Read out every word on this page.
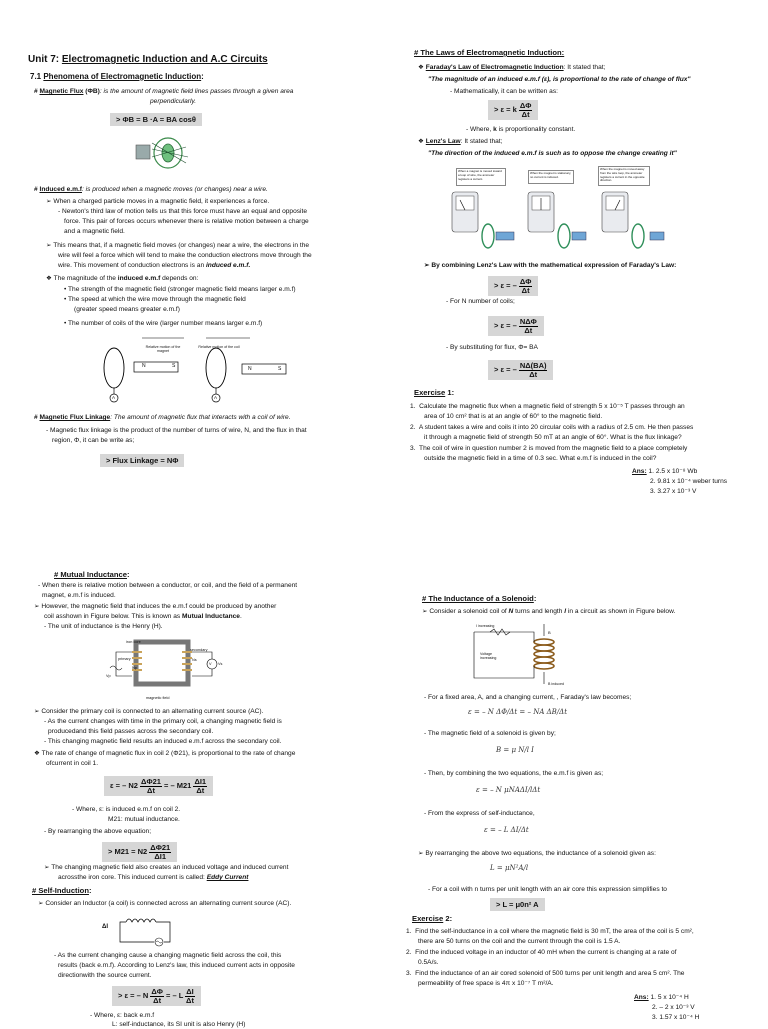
Unit 7: Electromagnetic Induction and A.C Circuits
7.1 Phenomena of Electromagnetic Induction:
# Magnetic Flux (ΦB): is the amount of magnetic field lines passes through a given area
perpendicularly.
> ΦB = B ·A = BA cosθ
# Induced e.m.f: is produced when a magnetic moves (or changes) near a wire.
➢ When a charged particle moves in a magnetic field, it experiences a force.
- Newton's third law of motion tells us that this force must have an equal and opposite
force. This pair of forces occurs whenever there is relative motion between a charge
and a magnetic field.
➢ This means that, if a magnetic field moves (or changes) near a wire, the electrons in the
wire will feel a force which will tend to make the conduction electrons move through the
wire. This movement of conduction electrons is an induced e.m.f.
❖ The magnitude of the induced e.m.f depends on:
• The strength of the magnetic field (stronger magnetic field means larger e.m.f)
• The speed at which the wire move through the magnetic field
(greater speed means greater e.m.f)
• The number of coils of the wire (larger number means larger e.m.f)
Relative motion of the magnet
Relative motion of the coil
N	S	N	S
A	A
# Magnetic Flux Linkage: The amount of magnetic flux that interacts with a coil of wire.
- Magnetic flux linkage is the product of the number of turns of wire, N, and the flux in that
region, Φ, it can be write as;
> Flux Linkage = NΦ
# The Laws of Electromagnetic Induction:
❖ Faraday's Law of Electromagnetic Induction: It stated that;
"The magnitude of an induced e.m.f (ε), is proportional to the rate of change of flux"
- Mathematically, it can be written as:
> ε = k $\frac{\Delta\Phi}{\Delta t}$
- Where, k is proportionality constant.
❖ Lenz's Law: It stated that;
"The direction of the induced e.m.f is such as to oppose the change creating it"
When a magnet is moved toward a loop of wire, the ammeter registers a current.
When the magnet is stationary, no current is induced.
When the magnet is moved away from the wire loop, the ammeter registers a current in the opposite direction.
➢ By combining Lenz's Law with the mathematical expression of Faraday's Law:
> ε = – $\frac{\Delta\Phi}{\Delta t}$
- For N number of coils;
> ε = – $\frac{\text{NΔΦ}}{\Delta t}$
- By substituting for flux, Φ= BA
> ε = – $\frac{N\Delta(BA)}{\Delta t}$
Exercise 1:
1.  Calculate the magnetic flux when a magnetic field of strength 5 x 10⁻⁵ T passes through an
area of 10 cm² that is at an angle of 60° to the magnetic field.
2.  A student takes a wire and coils it into 20 circular coils with a radius of 2.5 cm. He then passes
it through a magnetic field of strength 50 mT at an angle of 60°. What is the flux linkage?
3.  The coil of wire in question number 2 is moved from the magnetic field to a place completely
outside the magnetic field in a time of 0.3 sec. What e.m.f is induced in the coil?
Ans: 1. 2.5 x 10⁻⁸ Wb
2. 9.81 x 10⁻⁴ weber turns
3. 3.27 x 10⁻³ V
# Mutual Inductance:
- When there is relative motion between a conductor, or coil, and the field of a permanent
magnet, e.m.f is induced.
➢ However, the magnetic field that induces the e.m.f could be produced by another
coil asshown in Figure below. This is known as Mutual Inductance.
- The unit of inductance is the Henry (H).
iron core
secondary
primary	Ns
Np
Vp
V Vs
magnetic field
➢ Consider the primary coil is connected to an alternating current source (AC).
- As the current changes with time in the primary coil, a changing magnetic field is
producedand this field passes across the secondary coil.
- This changing magnetic field results an induced e.m.f across the secondary coil.
❖ The rate of change of magnetic flux in coil 2 (Φ21), is proportional to the rate of change
ofcurrent in coil 1.
ε = – $N2 \frac{\Delta\Phi 21}{\Delta t}$ = – $M21 \frac{\Delta I1}{\Delta t}$
- Where, ε: is induced e.m.f on coil 2.
M21: mutual inductance.
- By rearranging the above equation;
> $M21 = N2 \frac{\Delta\Phi 21}{\Delta I1}$
➢ The changing magnetic field also creates an induced voltage and induced current
acrossthe iron core. This induced current is called: Eddy Current
# Self-Induction:
➢ Consider an Inductor (a coil) is connected across an alternating current source (AC).
ΔI
- As the current changing cause a changing magnetic field across the coil, this
results (back e.m.f). According to Lenz's law, this induced current acts in opposite
directionwith the source current.
> ε = – N $\frac{\Delta\Phi}{\Delta t}$ = – L $\frac{\Delta I}{\Delta t}$
- Where, ε: back e.m.f
L: self-inductance, its SI unit is also Henry (H)
# The Inductance of a Solenoid:
➢ Consider a solenoid coil of N turns and length l in a circuit as shown in Figure below.
I increasing
Voltage increasing
B
B induced
- For a fixed area, A, and a changing current, , Faraday's law becomes;
ε = – N ΔΦ/Δt = – NA ΔB/Δt
- The magnetic field of a solenoid is given by;
B = μ N/l I
- Then, by combining the two equations, the e.m.f is given as;
ε = – N μNAΔI/lΔt
- From the express of self-inductance,
ε = – L ΔI/Δt
➢ By rearranging the above two equations, the inductance of a solenoid given as:
L = μN²A/l
- For a coil with n turns per unit length with an air core this expression simplifies to
> L = μ0n² A
Exercise 2:
1.  Find the self-inductance in a coil where the magnetic field is 30 mT, the area of the coil is 5 cm²,
there are 50 turns on the coil and the current through the coil is 1.5 A.
2.  Find the induced voltage in an inductor of 40 mH when the current is changing at a rate of
0.5A/s.
3.  Find the inductance of an air cored solenoid of 500 turns per unit length and area 5 cm². The
permeability of free space is 4π x 10⁻⁷ T m²/A.
Ans: 1. 5 x 10⁻⁴ H
2. – 2 x 10⁻³ V
3. 1.57 x 10⁻⁴ H
